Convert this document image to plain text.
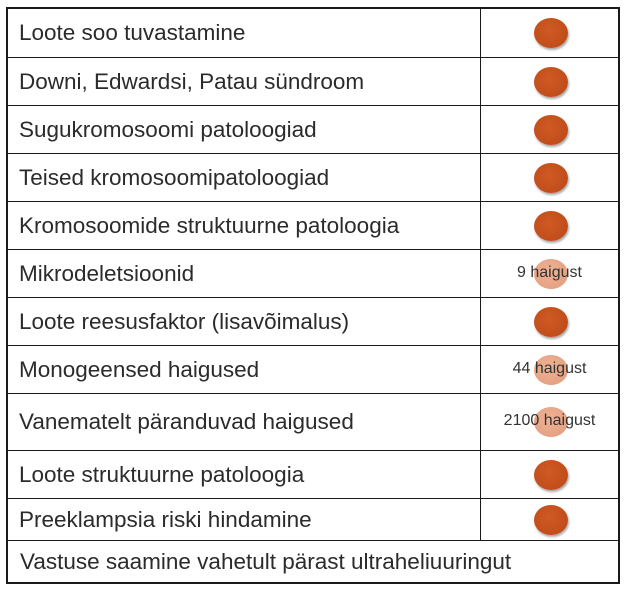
Loote soo tuvastamine
Downi, Edwardsi, Patau sündroom
Sugukromosoomi patoloogiad
Teised kromosoomipatoloogiad
Kromosoomide struktuurne patoloogia
Mikrodeletsioonid	9 haigust
Loote reesusfaktor (lisavõimalus)
Monogeensed haigused	44 haigust
Vanematelt päranduvad haigused	2100 haigust
Loote struktuurne patoloogia
Preeklampsia riski hindamine
Vastuse saamine vahetult pärast ultraheliuuringut
